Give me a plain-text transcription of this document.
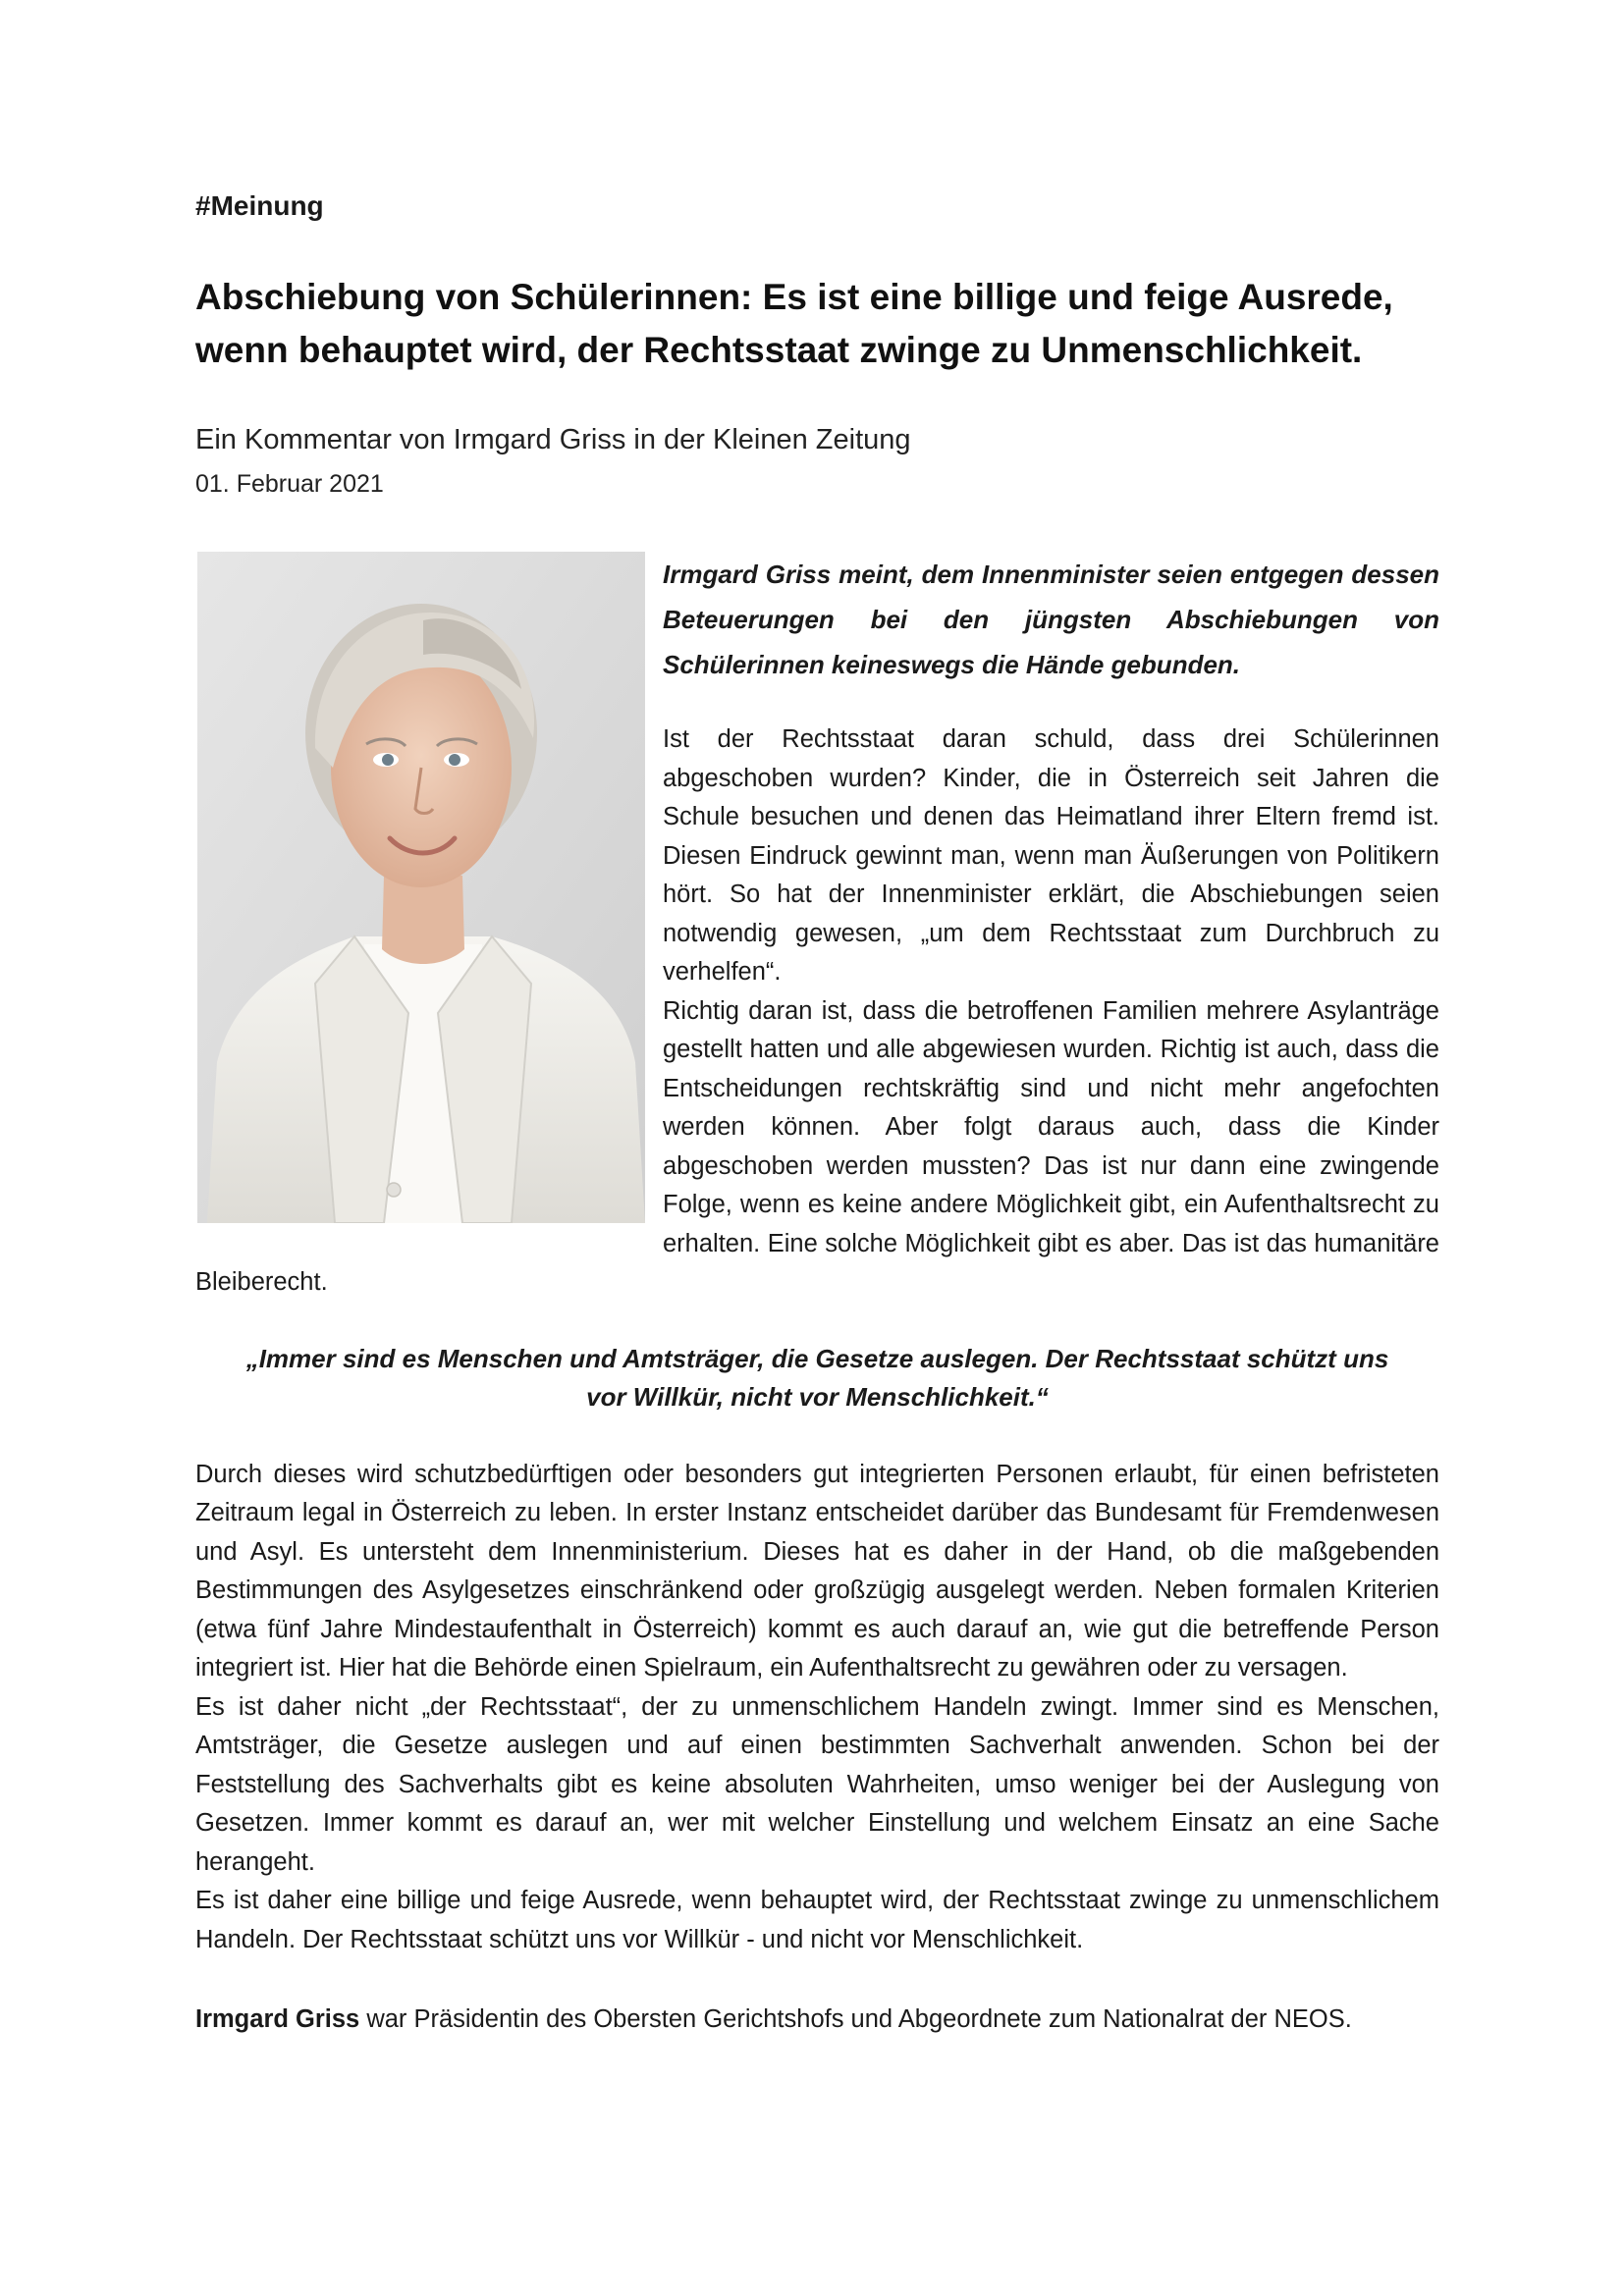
#Meinung

Abschiebung von Schülerinnen: Es ist eine billige und feige Ausrede, wenn behauptet wird, der Rechtsstaat zwinge zu Unmenschlichkeit.

Ein Kommentar von Irmgard Griss in der Kleinen Zeitung

01. Februar 2021

Irmgard Griss meint, dem Innenminister seien entgegen dessen Beteuerungen bei den jüngsten Abschiebungen von Schülerinnen keineswegs die Hände gebunden.

Ist der Rechtsstaat daran schuld, dass drei Schülerinnen abgeschoben wurden? Kinder, die in Österreich seit Jahren die Schule besuchen und denen das Heimatland ihrer Eltern fremd ist. Diesen Eindruck gewinnt man, wenn man Äußerungen von Politikern hört. So hat der Innenminister erklärt, die Abschiebungen seien notwendig gewesen, „um dem Rechtsstaat zum Durchbruch zu verhelfen“.

Richtig daran ist, dass die betroffenen Familien mehrere Asylanträge gestellt hatten und alle abgewiesen wurden. Richtig ist auch, dass die Entscheidungen rechtskräftig sind und nicht mehr angefochten werden können. Aber folgt daraus auch, dass die Kinder abgeschoben werden mussten? Das ist nur dann eine zwingende Folge, wenn es keine andere Möglichkeit gibt, ein Aufenthaltsrecht zu erhalten. Eine solche Möglichkeit gibt es aber. Das ist das humanitäre Bleiberecht.

„Immer sind es Menschen und Amtsträger, die Gesetze auslegen. Der Rechtsstaat schützt uns vor Willkür, nicht vor Menschlichkeit.“

Durch dieses wird schutzbedürftigen oder besonders gut integrierten Personen erlaubt, für einen befristeten Zeitraum legal in Österreich zu leben. In erster Instanz entscheidet darüber das Bundesamt für Fremdenwesen und Asyl. Es untersteht dem Innenministerium. Dieses hat es daher in der Hand, ob die maßgebenden Bestimmungen des Asylgesetzes einschränkend oder großzügig ausgelegt werden. Neben formalen Kriterien (etwa fünf Jahre Mindestaufenthalt in Österreich) kommt es auch darauf an, wie gut die betreffende Person integriert ist. Hier hat die Behörde einen Spielraum, ein Aufenthaltsrecht zu gewähren oder zu versagen.

Es ist daher nicht „der Rechtsstaat“, der zu unmenschlichem Handeln zwingt. Immer sind es Menschen, Amtsträger, die Gesetze auslegen und auf einen bestimmten Sachverhalt anwenden. Schon bei der Feststellung des Sachverhalts gibt es keine absoluten Wahrheiten, umso weniger bei der Auslegung von Gesetzen. Immer kommt es darauf an, wer mit welcher Einstellung und welchem Einsatz an eine Sache herangeht.

Es ist daher eine billige und feige Ausrede, wenn behauptet wird, der Rechtsstaat zwinge zu unmenschlichem Handeln. Der Rechtsstaat schützt uns vor Willkür - und nicht vor Menschlichkeit.

Irmgard Griss war Präsidentin des Obersten Gerichtshofs und Abgeordnete zum Nationalrat der NEOS.
